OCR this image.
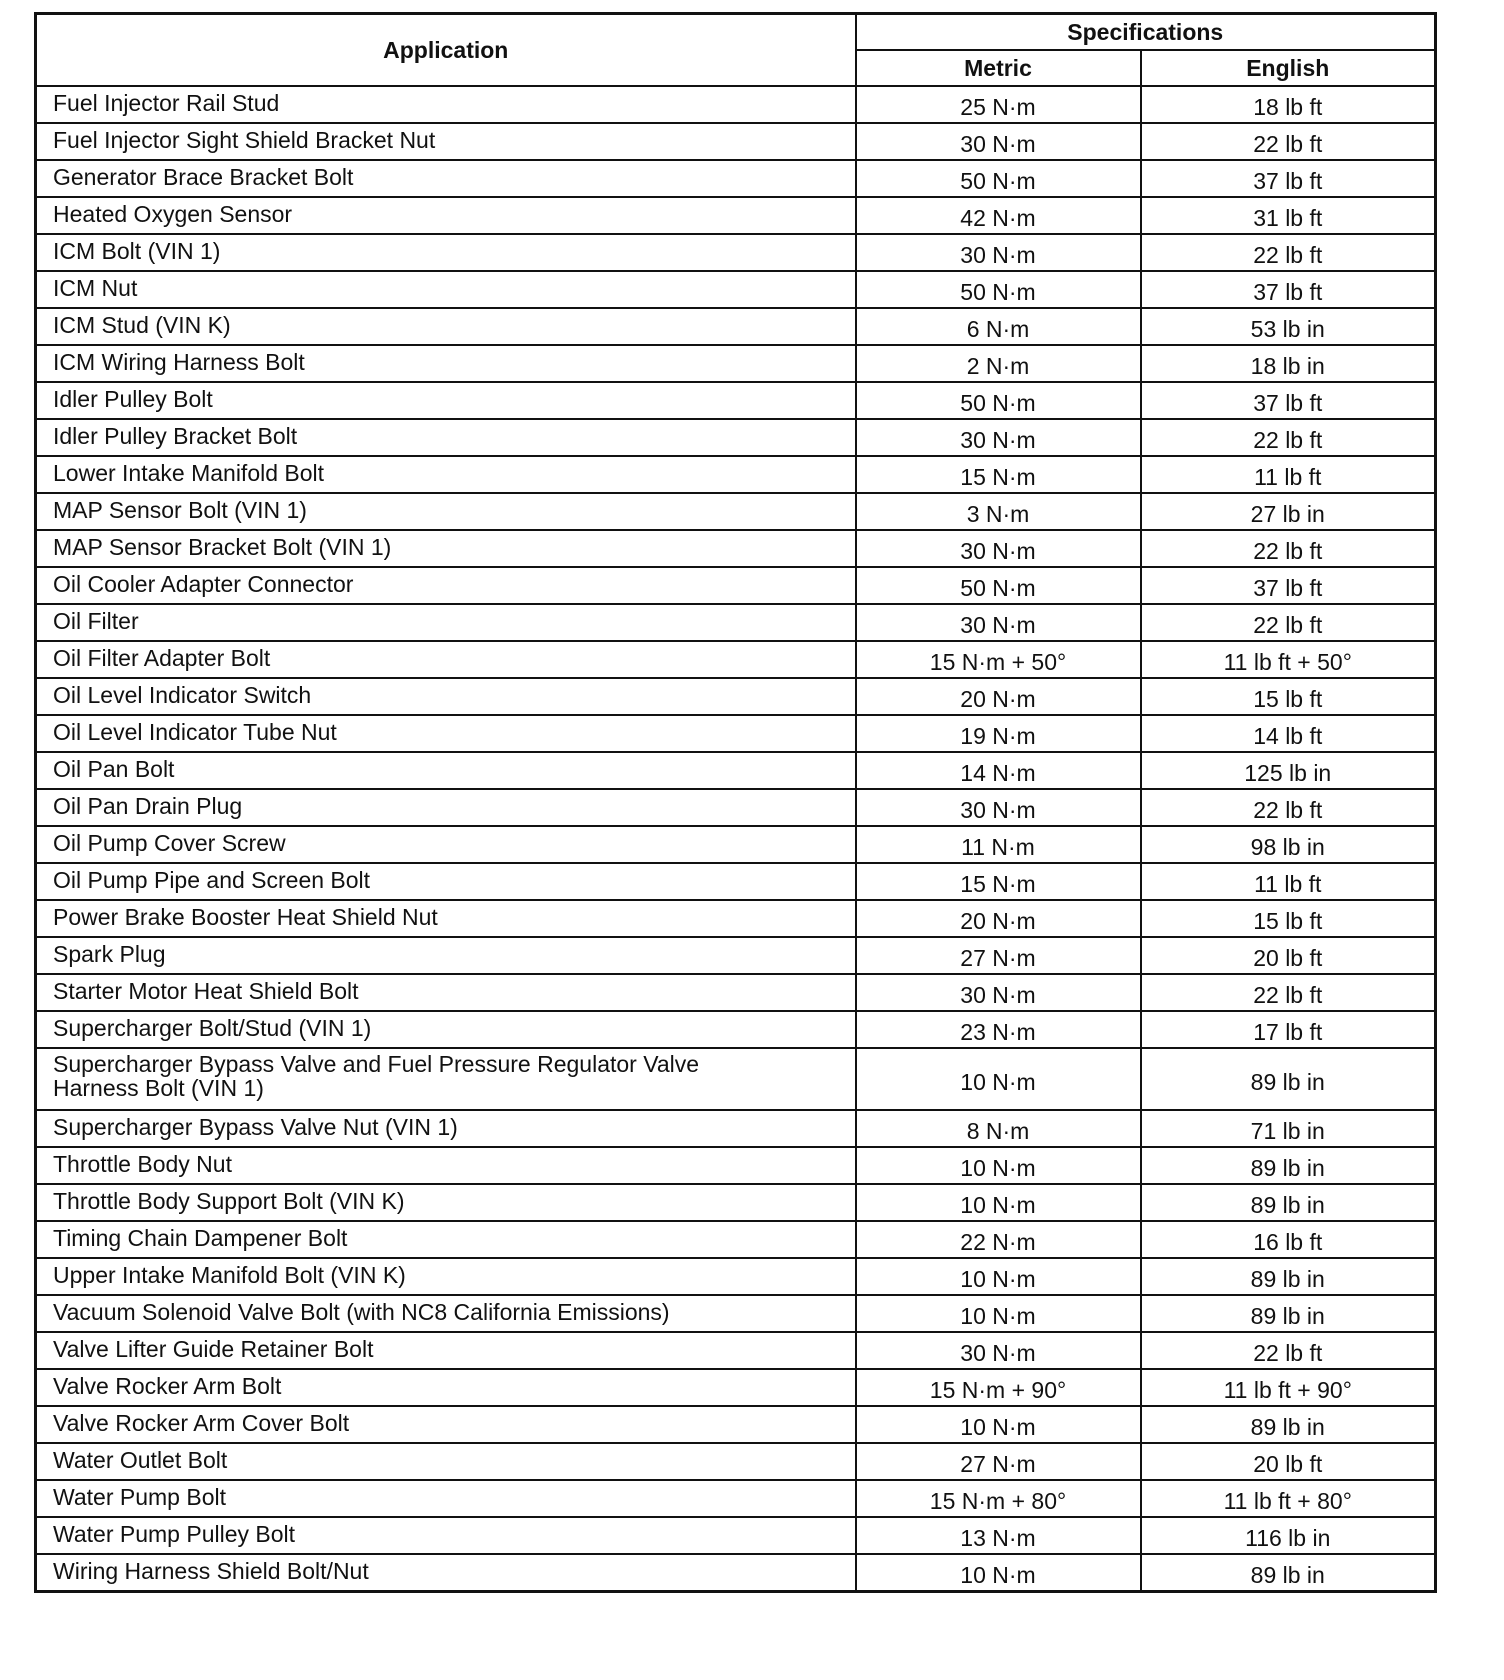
Application	Specifications	
	Metric	English
Fuel Injector Rail Stud	25 N·m	18 lb ft
Fuel Injector Sight Shield Bracket Nut	30 N·m	22 lb ft
Generator Brace Bracket Bolt	50 N·m	37 lb ft
Heated Oxygen Sensor	42 N·m	31 lb ft
ICM Bolt (VIN 1)	30 N·m	22 lb ft
ICM Nut	50 N·m	37 lb ft
ICM Stud (VIN K)	6 N·m	53 lb in
ICM Wiring Harness Bolt	2 N·m	18 lb in
Idler Pulley Bolt	50 N·m	37 lb ft
Idler Pulley Bracket Bolt	30 N·m	22 lb ft
Lower Intake Manifold Bolt	15 N·m	11 lb ft
MAP Sensor Bolt (VIN 1)	3 N·m	27 lb in
MAP Sensor Bracket Bolt (VIN 1)	30 N·m	22 lb ft
Oil Cooler Adapter Connector	50 N·m	37 lb ft
Oil Filter	30 N·m	22 lb ft
Oil Filter Adapter Bolt	15 N·m + 50°	11 lb ft + 50°
Oil Level Indicator Switch	20 N·m	15 lb ft
Oil Level Indicator Tube Nut	19 N·m	14 lb ft
Oil Pan Bolt	14 N·m	125 lb in
Oil Pan Drain Plug	30 N·m	22 lb ft
Oil Pump Cover Screw	11 N·m	98 lb in
Oil Pump Pipe and Screen Bolt	15 N·m	11 lb ft
Power Brake Booster Heat Shield Nut	20 N·m	15 lb ft
Spark Plug	27 N·m	20 lb ft
Starter Motor Heat Shield Bolt	30 N·m	22 lb ft
Supercharger Bolt/Stud (VIN 1)	23 N·m	17 lb ft

Supercharger Bypass Valve and Fuel Pressure Regulator Valve
Harness Bolt (VIN 1)	10 N·m	89 lb in
Supercharger Bypass Valve Nut (VIN 1)	8 N·m	71 lb in
Throttle Body Nut	10 N·m	89 lb in
Throttle Body Support Bolt (VIN K)	10 N·m	89 lb in
Timing Chain Dampener Bolt	22 N·m	16 lb ft
Upper Intake Manifold Bolt (VIN K)	10 N·m	89 lb in
Vacuum Solenoid Valve Bolt (with NC8 California Emissions)	10 N·m	89 lb in
Valve Lifter Guide Retainer Bolt	30 N·m	22 lb ft
Valve Rocker Arm Bolt	15 N·m + 90°	11 lb ft + 90°
Valve Rocker Arm Cover Bolt	10 N·m	89 lb in
Water Outlet Bolt	27 N·m	20 lb ft
Water Pump Bolt	15 N·m + 80°	11 lb ft + 80°
Water Pump Pulley Bolt	13 N·m	116 lb in
Wiring Harness Shield Bolt/Nut	10 N·m	89 lb in
